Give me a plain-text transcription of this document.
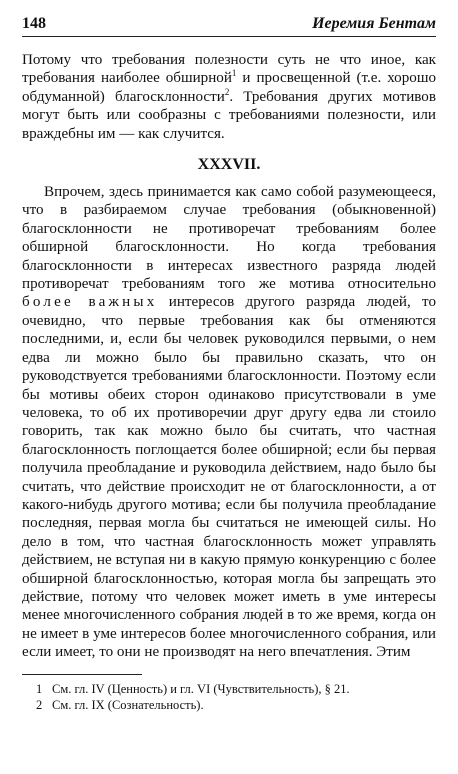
148	Иеремия Бентам

Потому что требования полезности суть не что иное, как требования наиболее обширной$^1$ и просвещенной (т.е. хорошо обдуманной) благосклонности$^2$. Требования других мотивов могут быть или сообразны с требованиями полезности, или враждебны им — как случится.

XXXVII.

Впрочем, здесь принимается как само собой разумеющееся, что в разбираемом случае требования (обыкновенной) благосклонности не противоречат требованиям более обширной благосклонности. Но когда требования благосклонности в интересах известного разряда людей противоречат требованиям того же мотива относительно более важных интересов другого разряда людей, то очевидно, что первые требования как бы отменяются последними, и, если бы человек руководился первыми, о нем едва ли можно было бы правильно сказать, что он руководствуется требованиями благосклонности. Поэтому если бы мотивы обеих сторон одинаково присутствовали в уме человека, то об их противоречии друг другу едва ли стоило говорить, так как можно было бы считать, что частная благосклонность поглощается более обширной; если бы первая получила преобладание и руководила действием, надо было бы считать, что действие происходит не от благосклонности, а от какого-нибудь другого мотива; если бы получила преобладание последняя, первая могла бы считаться не имеющей силы. Но дело в том, что частная благосклонность может управлять действием, не вступая ни в какую прямую конкуренцию с более обширной благосклонностью, которая могла бы запрещать это действие, потому что человек может иметь в уме интересы менее многочисленного собрания людей в то же время, когда он не имеет в уме интересов более многочисленного собрания, или если имеет, то они не производят на него впечатления. Этим

1 См. гл. IV (Ценность) и гл. VI (Чувствительность), § 21.
2 См. гл. IX (Сознательность).
